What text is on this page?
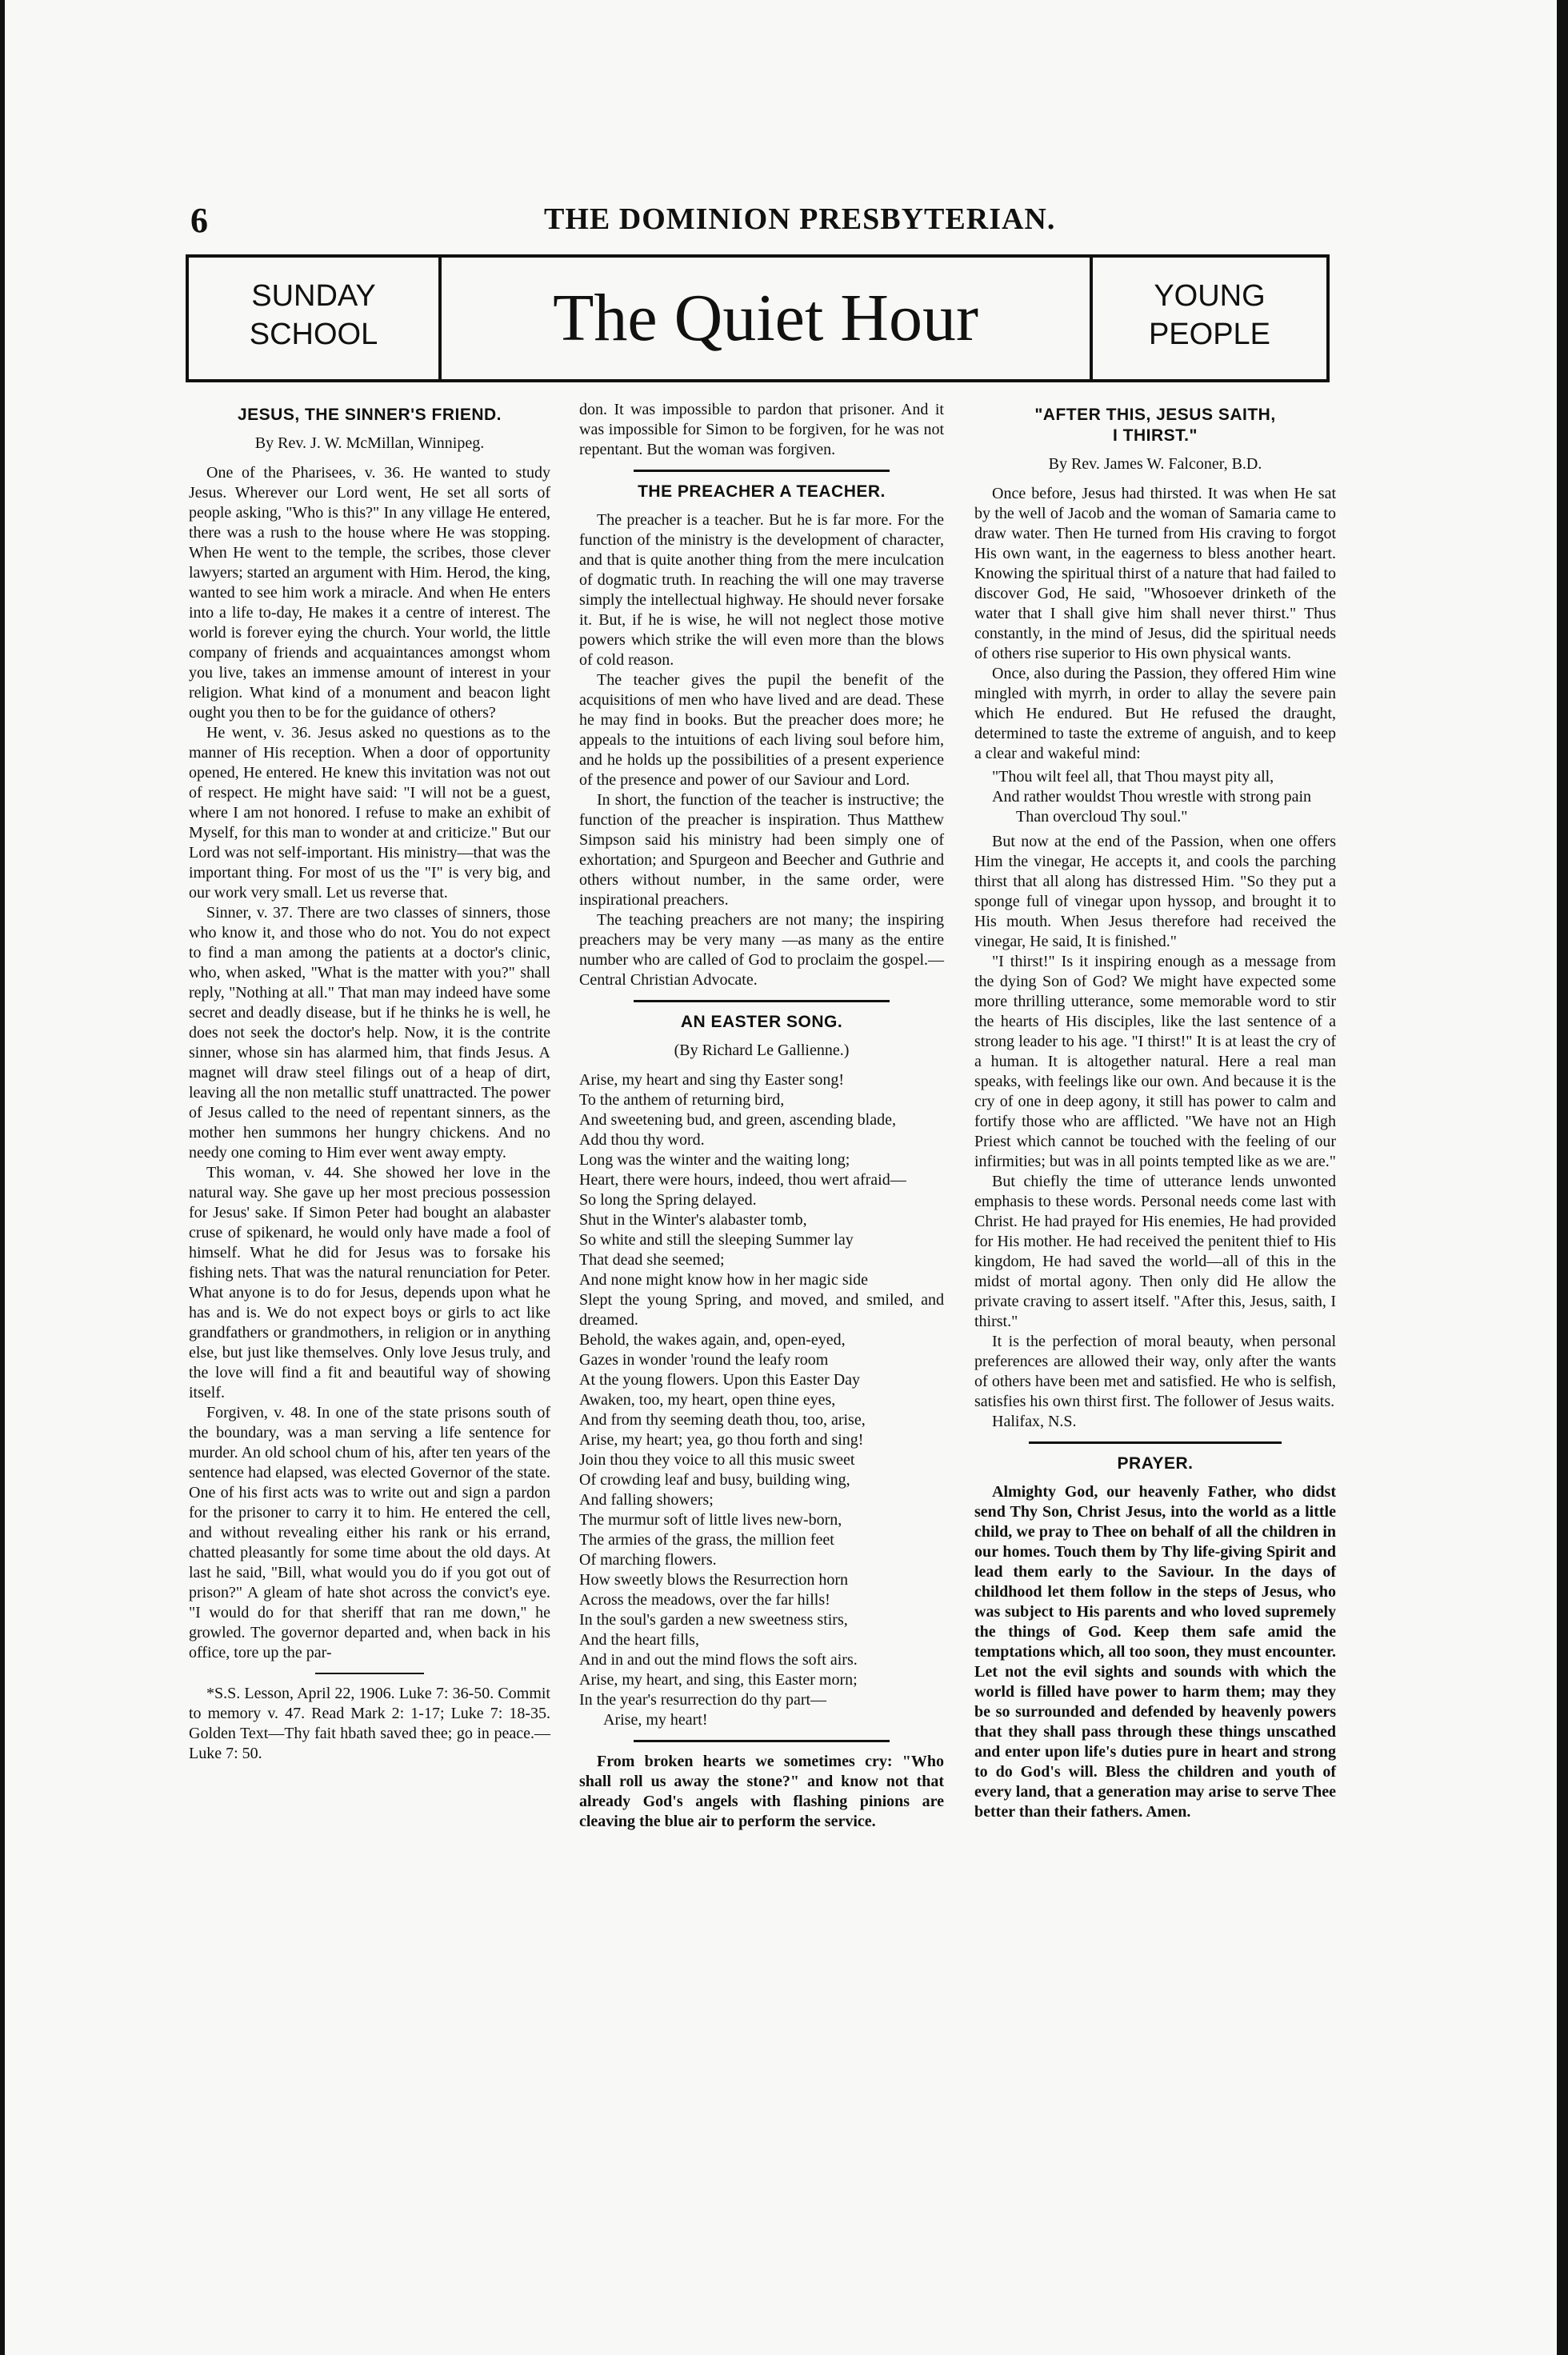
6	THE DOMINION PRESBYTERIAN.
SUNDAY
SCHOOL	The Quiet Hour	YOUNG
PEOPLE
JESUS, THE SINNER'S FRIEND.
By Rev. J. W. McMillan, Winnipeg.

One of the Pharisees, v. 36. He wanted to study Jesus. Wherever our Lord went, He set all sorts of people asking, "Who is this?" In any village He entered, there was a rush to the house where He was stopping. When He went to the temple, the scribes, those clever lawyers; started an argument with Him. Herod, the king, wanted to see him work a miracle. And when He enters into a life to-day, He makes it a centre of interest. The world is forever eying the church. Your world, the little company of friends and acquaintances amongst whom you live, takes an immense amount of interest in your religion. What kind of a monument and beacon light ought you then to be for the guidance of others?

He went, v. 36. Jesus asked no questions as to the manner of His reception. When a door of opportunity opened, He entered. He knew this invitation was not out of respect. He might have said: "I will not be a guest, where I am not honored. I refuse to make an exhibit of Myself, for this man to wonder at and criticize." But our Lord was not self-important. His ministry—that was the important thing. For most of us the "I" is very big, and our work very small. Let us reverse that.

Sinner, v. 37. There are two classes of sinners, those who know it, and those who do not. You do not expect to find a man among the patients at a doctor's clinic, who, when asked, "What is the matter with you?" shall reply, "Nothing at all." That man may indeed have some secret and deadly disease, but if he thinks he is well, he does not seek the doctor's help. Now, it is the contrite sinner, whose sin has alarmed him, that finds Jesus. A magnet will draw steel filings out of a heap of dirt, leaving all the non metallic stuff unattracted. The power of Jesus called to the need of repentant sinners, as the mother hen summons her hungry chickens. And no needy one coming to Him ever went away empty.

This woman, v. 44. She showed her love in the natural way. She gave up her most precious possession for Jesus' sake. If Simon Peter had bought an alabaster cruse of spikenard, he would only have made a fool of himself. What he did for Jesus was to forsake his fishing nets. That was the natural renunciation for Peter. What anyone is to do for Jesus, depends upon what he has and is. We do not expect boys or girls to act like grandfathers or grandmothers, in religion or in anything else, but just like themselves. Only love Jesus truly, and the love will find a fit and beautiful way of showing itself.

Forgiven, v. 48. In one of the state prisons south of the boundary, was a man serving a life sentence for murder. An old school chum of his, after ten years of the sentence had elapsed, was elected Governor of the state. One of his first acts was to write out and sign a pardon for the prisoner to carry it to him. He entered the cell, and without revealing either his rank or his errand, chatted pleasantly for some time about the old days. At last he said, "Bill, what would you do if you got out of prison?" A gleam of hate shot across the convict's eye. "I would do for that sheriff that ran me down," he growled. The governor departed and, when back in his office, tore up the par-

*S.S. Lesson, April 22, 1906. Luke 7: 36-50. Commit to memory v. 47. Read Mark 2: 1-17; Luke 7: 18-35. Golden Text—Thy fait hbath saved thee; go in peace.—Luke 7: 50.

don. It was impossible to pardon that prisoner. And it was impossible for Simon to be forgiven, for he was not repentant. But the woman was forgiven.

THE PREACHER A TEACHER.

The preacher is a teacher. But he is far more. For the function of the ministry is the development of character, and that is quite another thing from the mere inculcation of dogmatic truth. In reaching the will one may traverse simply the intellectual highway. He should never forsake it. But, if he is wise, he will not neglect those motive powers which strike the will even more than the blows of cold reason.

The teacher gives the pupil the benefit of the acquisitions of men who have lived and are dead. These he may find in books. But the preacher does more; he appeals to the intuitions of each living soul before him, and he holds up the possibilities of a present experience of the presence and power of our Saviour and Lord.

In short, the function of the teacher is instructive; the function of the preacher is inspiration. Thus Matthew Simpson said his ministry had been simply one of exhortation; and Spurgeon and Beecher and Guthrie and others without number, in the same order, were inspirational preachers.

The teaching preachers are not many; the inspiring preachers may be very many —as many as the entire number who are called of God to proclaim the gospel.— Central Christian Advocate.

AN EASTER SONG.
(By Richard Le Gallienne.)
Arise, my heart and sing thy Easter song!
To the anthem of returning bird,
And sweetening bud, and green, ascending blade,
Add thou thy word.
Long was the winter and the waiting long;
Heart, there were hours, indeed, thou wert afraid—
So long the Spring delayed.
Shut in the Winter's alabaster tomb,
So white and still the sleeping Summer lay
That dead she seemed;
And none might know how in her magic side
Slept the young Spring, and moved, and smiled, and dreamed.
Behold, the wakes again, and, open-eyed,
Gazes in wonder 'round the leafy room
At the young flowers. Upon this Easter Day
Awaken, too, my heart, open thine eyes,
And from thy seeming death thou, too, arise,
Arise, my heart; yea, go thou forth and sing!
Join thou they voice to all this music sweet
Of crowding leaf and busy, building wing,
And falling showers;
The murmur soft of little lives new-born,
The armies of the grass, the million feet
Of marching flowers.
How sweetly blows the Resurrection horn
Across the meadows, over the far hills!
In the soul's garden a new sweetness stirs,
And the heart fills,
And in and out the mind flows the soft airs.
Arise, my heart, and sing, this Easter morn;
In the year's resurrection do thy part—
Arise, my heart!

From broken hearts we sometimes cry: "Who shall roll us away the stone?" and know not that already God's angels with flashing pinions are cleaving the blue air to perform the service.

"AFTER THIS, JESUS SAITH,
I THIRST."
By Rev. James W. Falconer, B.D.

Once before, Jesus had thirsted. It was when He sat by the well of Jacob and the woman of Samaria came to draw water. Then He turned from His craving to forgot His own want, in the eagerness to bless another heart. Knowing the spiritual thirst of a nature that had failed to discover God, He said, "Whosoever drinketh of the water that I shall give him shall never thirst." Thus constantly, in the mind of Jesus, did the spiritual needs of others rise superior to His own physical wants.

Once, also during the Passion, they offered Him wine mingled with myrrh, in order to allay the severe pain which He endured. But He refused the draught, determined to taste the extreme of anguish, and to keep a clear and wakeful mind:

"Thou wilt feel all, that Thou mayst pity all,
And rather wouldst Thou wrestle with strong pain
Than overcloud Thy soul."

But now at the end of the Passion, when one offers Him the vinegar, He accepts it, and cools the parching thirst that all along has distressed Him. "So they put a sponge full of vinegar upon hyssop, and brought it to His mouth. When Jesus therefore had received the vinegar, He said, It is finished."

"I thirst!" Is it inspiring enough as a message from the dying Son of God? We might have expected some more thrilling utterance, some memorable word to stir the hearts of His disciples, like the last sentence of a strong leader to his age. "I thirst!" It is at least the cry of a human. It is altogether natural. Here a real man speaks, with feelings like our own. And because it is the cry of one in deep agony, it still has power to calm and fortify those who are afflicted. "We have not an High Priest which cannot be touched with the feeling of our infirmities; but was in all points tempted like as we are."

But chiefly the time of utterance lends unwonted emphasis to these words. Personal needs come last with Christ. He had prayed for His enemies, He had provided for His mother. He had received the penitent thief to His kingdom, He had saved the world—all of this in the midst of mortal agony. Then only did He allow the private craving to assert itself. "After this, Jesus, saith, I thirst."

It is the perfection of moral beauty, when personal preferences are allowed their way, only after the wants of others have been met and satisfied. He who is selfish, satisfies his own thirst first. The follower of Jesus waits.

Halifax, N.S.

PRAYER.

Almighty God, our heavenly Father, who didst send Thy Son, Christ Jesus, into the world as a little child, we pray to Thee on behalf of all the children in our homes. Touch them by Thy life-giving Spirit and lead them early to the Saviour. In the days of childhood let them follow in the steps of Jesus, who was subject to His parents and who loved supremely the things of God. Keep them safe amid the temptations which, all too soon, they must encounter. Let not the evil sights and sounds with which the world is filled have power to harm them; may they be so surrounded and defended by heavenly powers that they shall pass through these things unscathed and enter upon life's duties pure in heart and strong to do God's will. Bless the children and youth of every land, that a generation may arise to serve Thee better than their fathers. Amen.
